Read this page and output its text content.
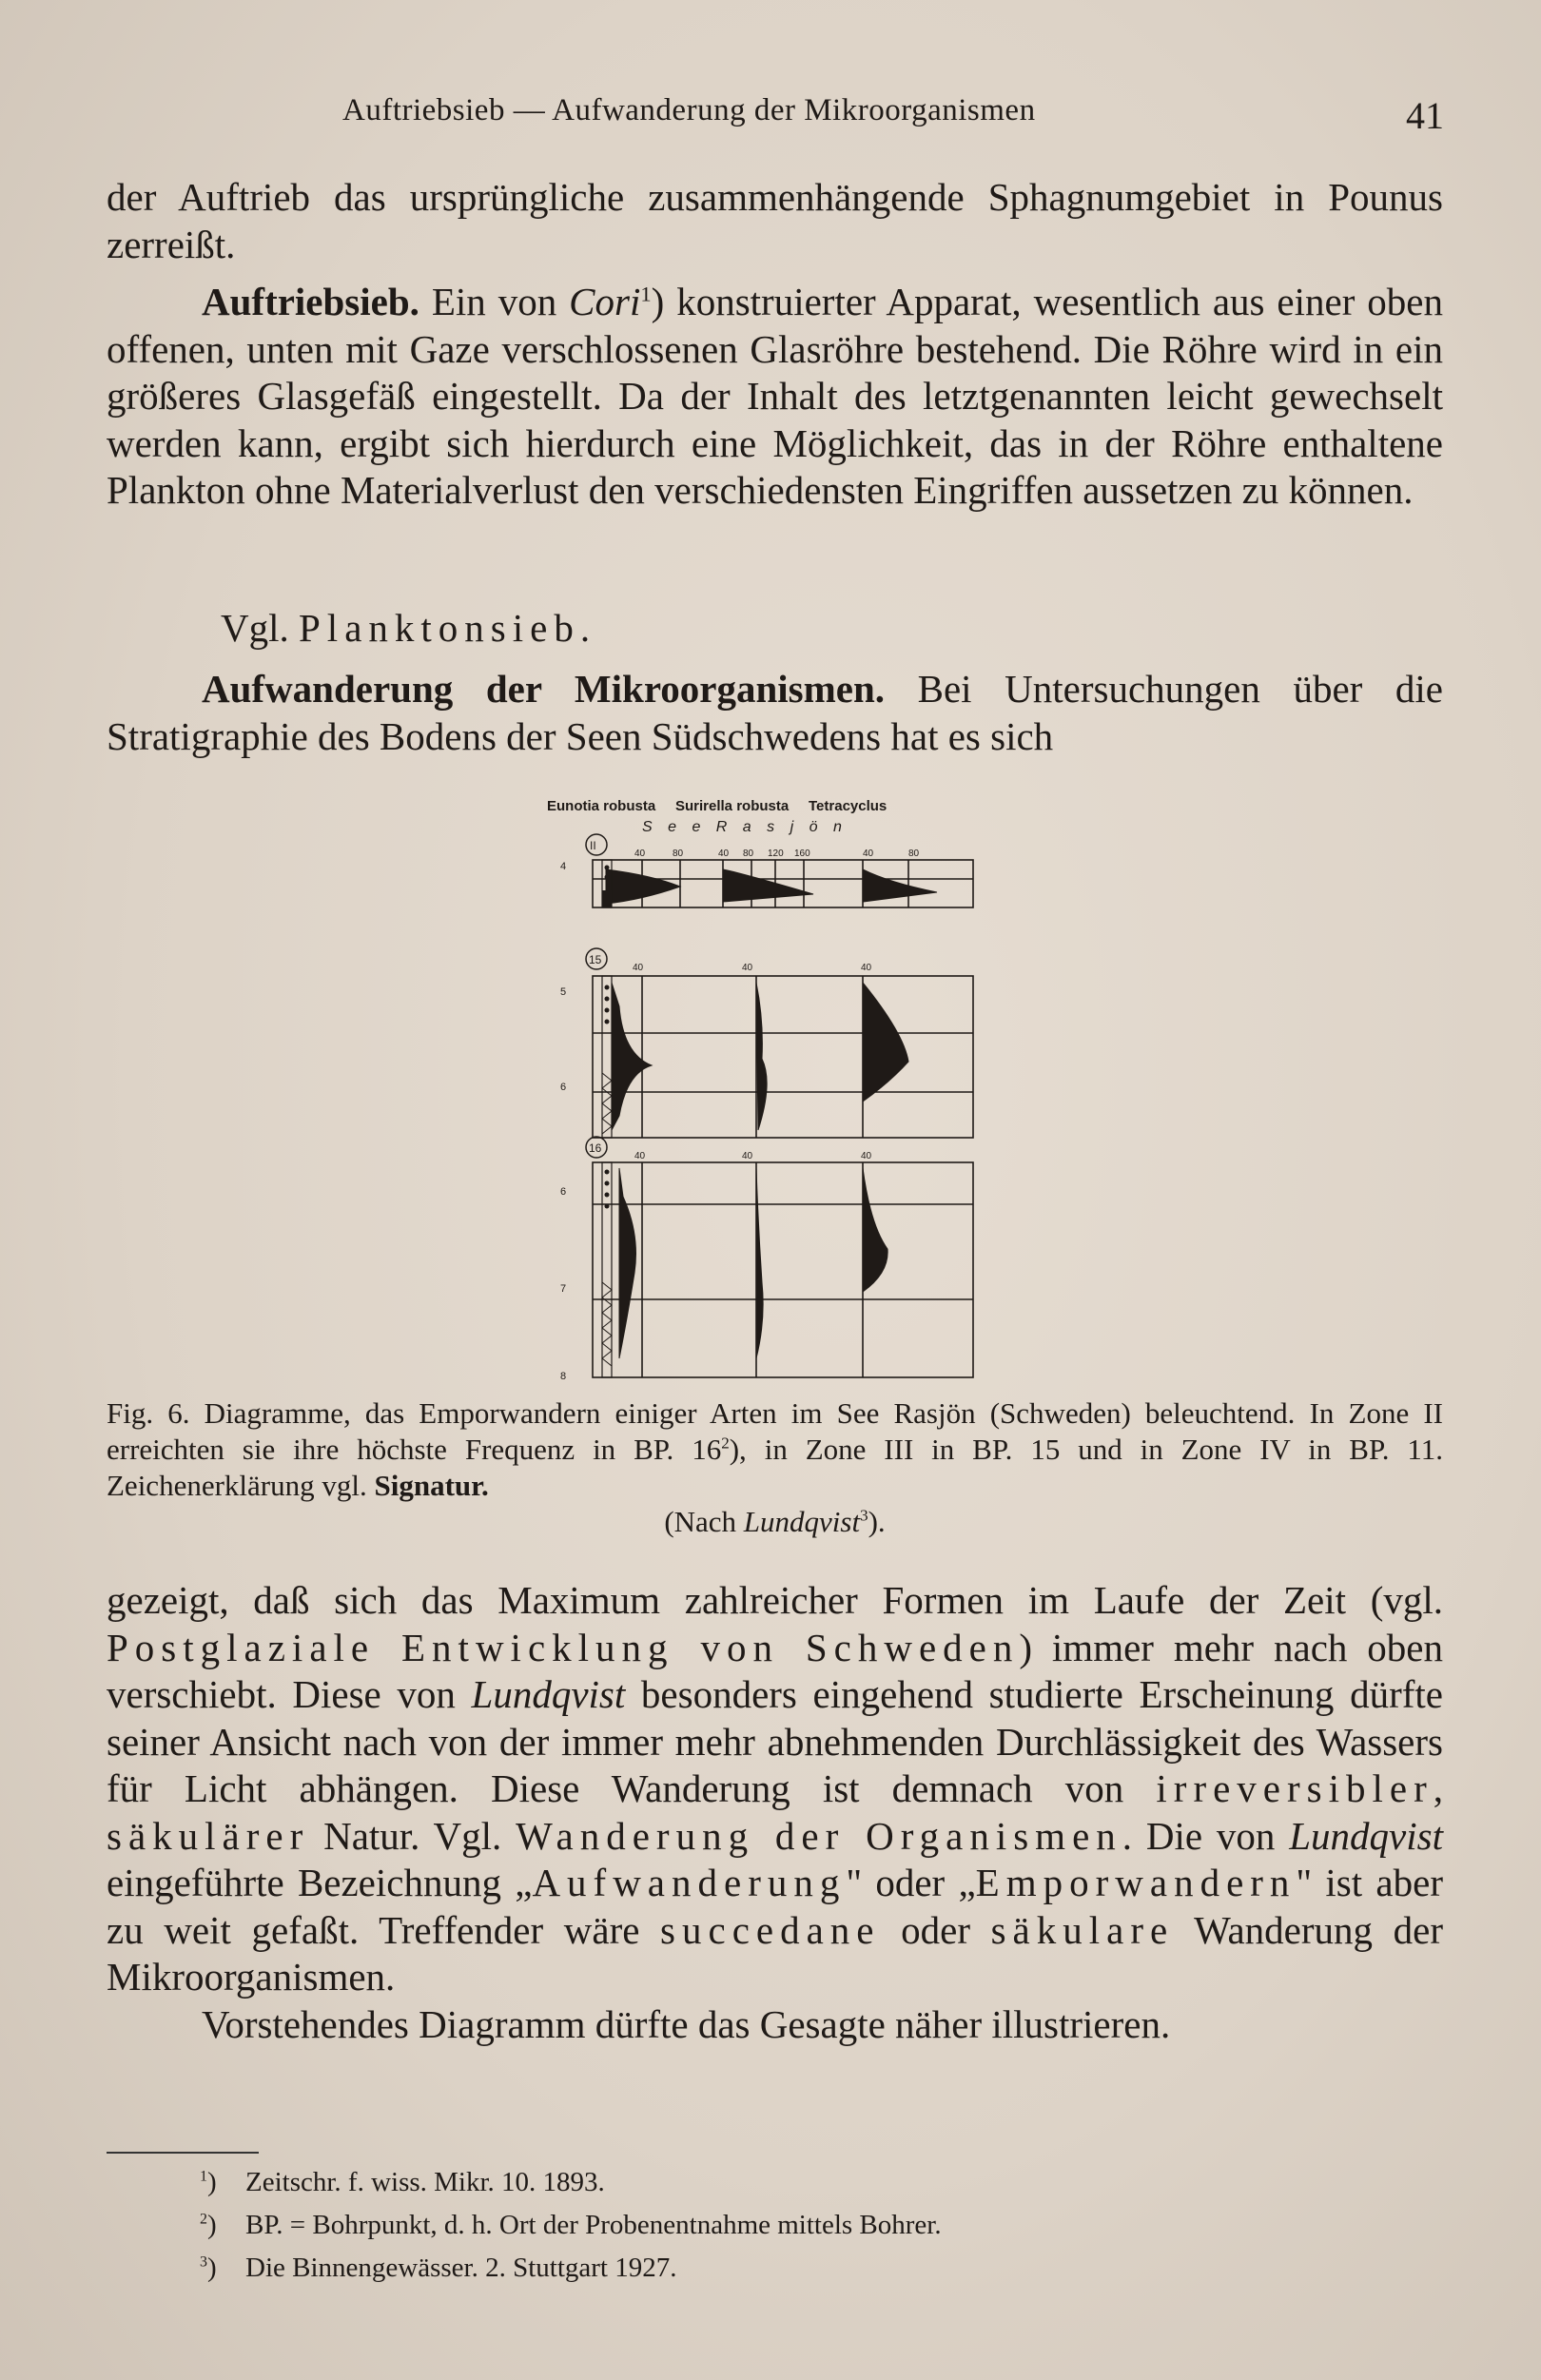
Auftriebsieb — Aufwanderung der Mikroorganismen	41

der Auftrieb das ursprüngliche zusammenhängende Sphagnumgebiet in Pounus zerreißt.

Auftriebsieb. Ein von Cori$^1$) konstruierter Apparat, wesentlich aus einer oben offenen, unten mit Gaze verschlossenen Glasröhre bestehend. Die Röhre wird in ein größeres Glasgefäß eingestellt. Da der Inhalt des letztgenannten leicht gewechselt werden kann, ergibt sich hierdurch eine Möglichkeit, das in der Röhre enthaltene Plankton ohne Materialverlust den verschiedensten Eingriffen aussetzen zu können.

Vgl. Planktonsieb.

Aufwanderung der Mikroorganismen. Bei Untersuchungen über die Stratigraphie des Bodens der Seen Südschwedens hat es sich

Eunotia robusta Surirella robusta Tetracyclus
S e e R a s j ö n
II
15
16
40	80	40 80 120 160	40	80
4
5
6
6
7
8
40	40	40
40	40	40
Fig. 6. Diagramme, das Emporwandern einiger Arten im See Rasjön (Schweden) beleuchtend. In Zone II erreichten sie ihre höchste Frequenz in BP. $16^2$), in Zone III in BP. 15 und in Zone IV in BP. 11. Zeichenerklärung vgl. Signatur.
(Nach Lundqvist$^3$).

gezeigt, daß sich das Maximum zahlreicher Formen im Laufe der Zeit (vgl. Postglaziale Entwicklung von Schweden) immer mehr nach oben verschiebt. Diese von Lundqvist besonders eingehend studierte Erscheinung dürfte seiner Ansicht nach von der immer mehr abnehmenden Durchlässigkeit des Wassers für Licht abhängen. Diese Wanderung ist demnach von irreversibler, säkulärer Natur. Vgl. Wanderung der Organismen. Die von Lundqvist eingeführte Bezeichnung „Aufwanderung" oder „Emporwandern" ist aber zu weit gefaßt. Treffender wäre succedane oder säkulare Wanderung der Mikroorganismen.

Vorstehendes Diagramm dürfte das Gesagte näher illustrieren.

$^1$) Zeitschr. f. wiss. Mikr. 10. 1893.
$^2$) BP. = Bohrpunkt, d. h. Ort der Probenentnahme mittels Bohrer.
$^3$) Die Binnengewässer. 2. Stuttgart 1927.
